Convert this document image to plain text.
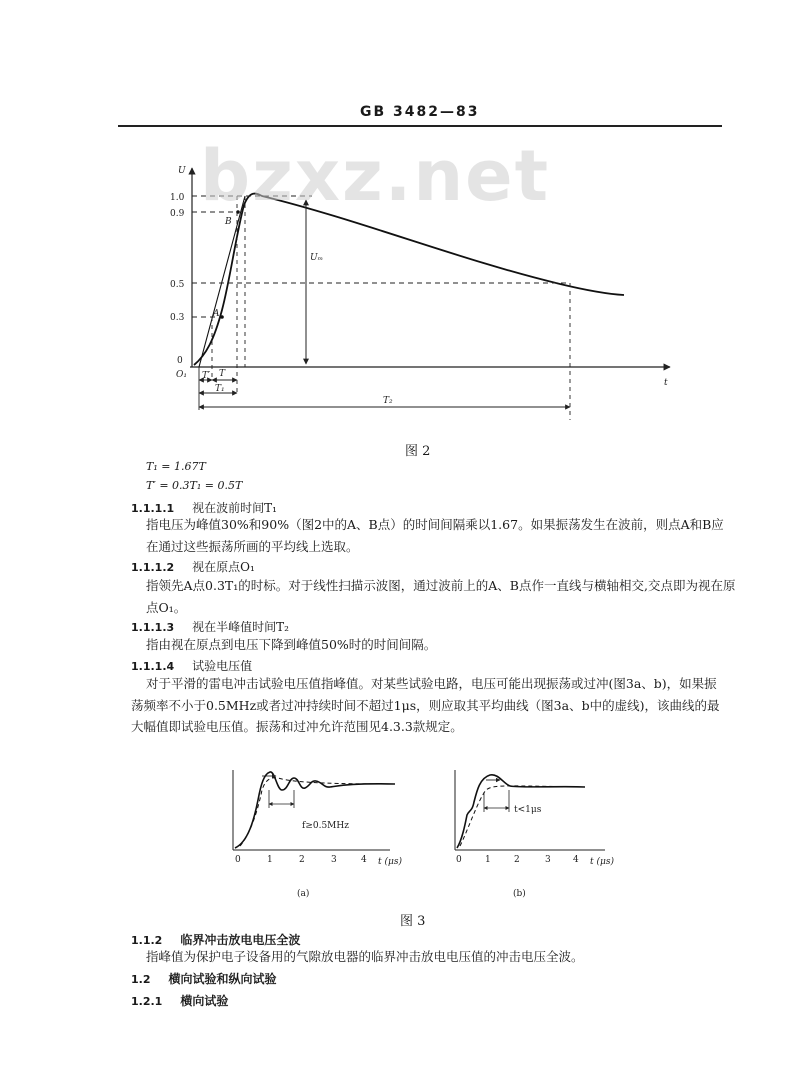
GB 3482—83
U
t
1.0
0.9
0.5
0.3
0
A
B
O₁
Uₘ
T′ T
T₁
T₂
bzxz.net
图 2
T₁ = 1.67T
T′ = 0.3T₁ = 0.5T
1.1.1.1 视在波前时间T₁
指电压为峰值30%和90%（图2中的A、B点）的时间间隔乘以1.67。如果振荡发生在波前，则点A和B应在通过这些振荡所画的平均线上选取。
1.1.1.2 视在原点O₁
指领先A点0.3T₁的时标。对于线性扫描示波图，通过波前上的A、B点作一直线与横轴相交,交点即为视在原点O₁。
1.1.1.3 视在半峰值时间T₂
指由视在原点到电压下降到峰值50%时的时间间隔。
1.1.1.4 试验电压值
对于平滑的雷电冲击试验电压值指峰值。对某些试验电路，电压可能出现振荡或过冲(图3a、b)，如果振荡频率不小于0.5MHz或者过冲持续时间不超过1μs，则应取其平均曲线（图3a、b中的虚线)，该曲线的最大幅值即试验电压值。振荡和过冲允许范围见4.3.3款规定。
f≥0.5MHz
0	1	2	3	4 t (μs)
(a)
t<1μs
0	1	2	3 4 t (μs)
(b)
图 3
1.1.2 临界冲击放电电压全波
指峰值为保护电子设备用的气隙放电器的临界冲击放电电压值的冲击电压全波。
1.2 横向试验和纵向试验
1.2.1 横向试验
